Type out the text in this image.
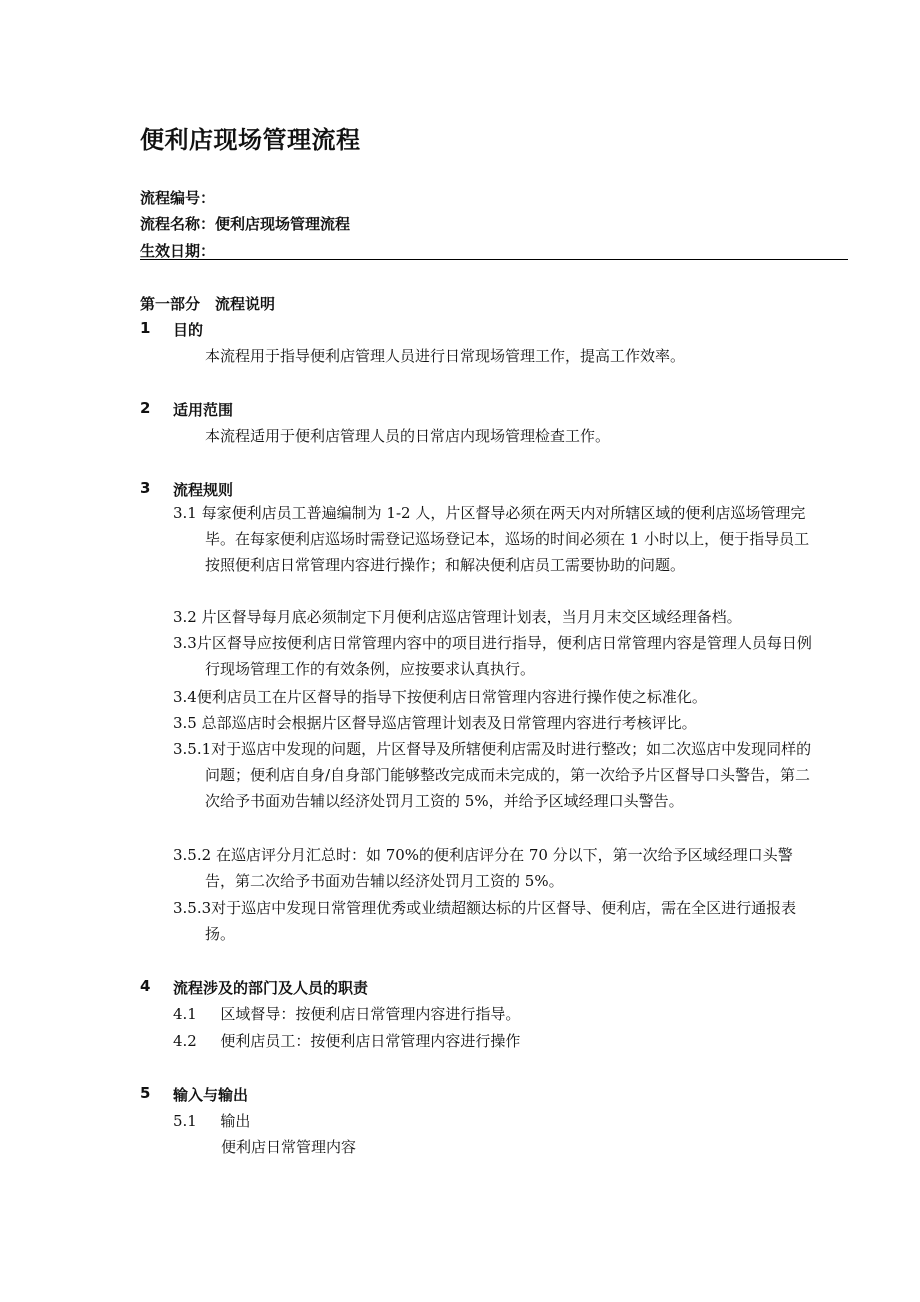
便利店现场管理流程
流程编号：
流程名称：便利店现场管理流程
生效日期：
第一部分　流程说明
1 目的
本流程用于指导便利店管理人员进行日常现场管理工作，提高工作效率。
2 适用范围
本流程适用于便利店管理人员的日常店内现场管理检查工作。
3 流程规则
3.1 每家便利店员工普遍编制为 1-2 人，片区督导必须在两天内对所辖区域的便利店巡场管理完毕。在每家便利店巡场时需登记巡场登记本，巡场的时间必须在 1 小时以上，便于指导员工按照便利店日常管理内容进行操作；和解决便利店员工需要协助的问题。
3.2 片区督导每月底必须制定下月便利店巡店管理计划表，当月月末交区域经理备档。
3.3片区督导应按便利店日常管理内容中的项目进行指导，便利店日常管理内容是管理人员每日例行现场管理工作的有效条例，应按要求认真执行。
3.4便利店员工在片区督导的指导下按便利店日常管理内容进行操作使之标准化。
3.5 总部巡店时会根据片区督导巡店管理计划表及日常管理内容进行考核评比。
3.5.1对于巡店中发现的问题，片区督导及所辖便利店需及时进行整改；如二次巡店中发现同样的问题；便利店自身/自身部门能够整改完成而未完成的，第一次给予片区督导口头警告，第二次给予书面劝告辅以经济处罚月工资的 5%，并给予区域经理口头警告。
3.5.2 在巡店评分月汇总时：如 70%的便利店评分在 70 分以下，第一次给予区域经理口头警告，第二次给予书面劝告辅以经济处罚月工资的 5%。
3.5.3对于巡店中发现日常管理优秀或业绩超额达标的片区督导、便利店，需在全区进行通报表扬。
4 流程涉及的部门及人员的职责
4.1 区域督导：按便利店日常管理内容进行指导。
4.2 便利店员工：按便利店日常管理内容进行操作
5 输入与输出
5.1 输出
便利店日常管理内容
